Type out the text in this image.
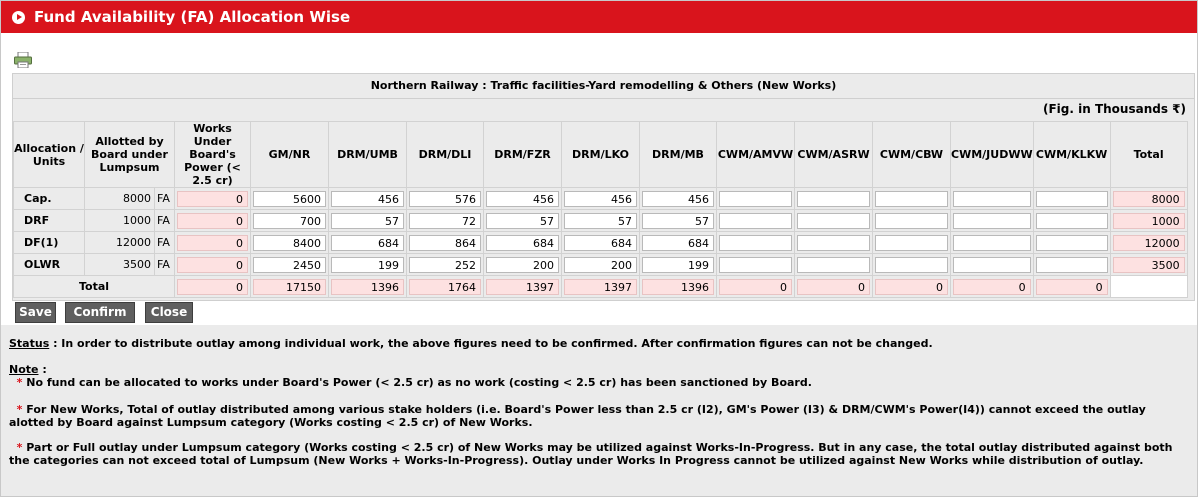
Fund Availability (FA) Allocation Wise
Northern Railway : Traffic facilities-Yard remodelling & Others (New Works)
(Fig. in Thousands ₹)
Allocation / Units	Allotted by Board under Lumpsum		Works Under Board's Power (< 2.5 cr)	GM/NR	DRM/UMB	DRM/DLI	DRM/FZR	DRM/LKO	DRM/MB	CWM/AMVW	CWM/ASRW	CWM/CBW	CWM/JUDWW	CWM/KLKW	Total
Cap.	8000	FA	0	5600	456	576	456	456	456						8000

DRF	1000	FA	0	700	57	72	57	57	57						1000

DF(1)	12000	FA	0	8400	684	864	684	684	684						12000

OLWR	3500	FA	0	2450	199	252	200	200	199						3500

Total			0	17150	1396	1764	1397	1397	1396	0	0	0	0	0	

Save	Confirm	Close

Status : In order to distribute outlay among individual work, the above figures need to be confirmed. After confirmation figures can not be changed.

Note :

* No fund can be allocated to works under Board's Power (< 2.5 cr) as no work (costing < 2.5 cr) has been sanctioned by Board.

* For New Works, Total of outlay distributed among various stake holders (i.e. Board's Power less than 2.5 cr (I2), GM's Power (I3) & DRM/CWM's Power(I4)) cannot exceed the outlay alotted by Board against Lumpsum category (Works costing < 2.5 cr) of New Works.

* Part or Full outlay under Lumpsum category (Works costing < 2.5 cr) of New Works may be utilized against Works-In-Progress. But in any case, the total outlay distributed against both the categories can not exceed total of Lumpsum (New Works + Works-In-Progress). Outlay under Works In Progress cannot be utilized against New Works while distribution of outlay.
